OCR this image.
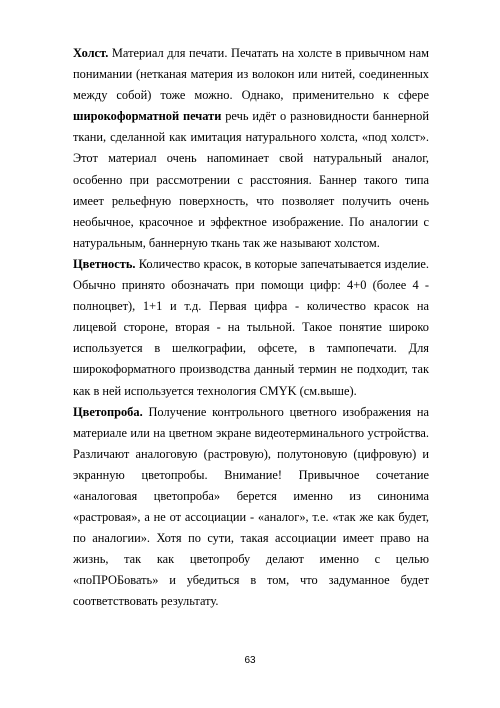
Холст. Материал для печати. Печатать на холсте в привычном нам понимании (нетканая материя из волокон или нитей, соединенных между собой) тоже можно. Однако, применительно к сфере широкоформатной печати речь идёт о разновидности баннерной ткани, сделанной как имитация натурального холста, «под холст». Этот материал очень напоминает свой натуральный аналог, особенно при рассмотрении с расстояния. Баннер такого типа имеет рельефную поверхность, что позволяет получить очень необычное, красочное и эффектное изображение. По аналогии с натуральным, баннерную ткань так же называют холстом.

Цветность. Количество красок, в которые запечатывается изделие. Обычно принято обозначать при помощи цифр: 4+0 (более 4 - полноцвет), 1+1 и т.д. Первая цифра - количество красок на лицевой стороне, вторая - на тыльной. Такое понятие широко используется в шелкографии, офсете, в тампопечати. Для широкоформатного производства данный термин не подходит, так как в ней используется технология CMYK (см.выше).

Цветопроба. Получение контрольного цветного изображения на материале или на цветном экране видеотерминального устройства. Различают аналоговую (растровую), полутоновую (цифровую) и экранную цветопробы. Внимание! Привычное сочетание «аналоговая цветопроба» берется именно из синонима «растровая», а не от ассоциации - «аналог», т.е. «так же как будет, по аналогии». Хотя по сути, такая ассоциации имеет право на жизнь, так как цветопробу делают именно с целью «поПРОБовать» и убедиться в том, что задуманное будет соответствовать результату.

63
